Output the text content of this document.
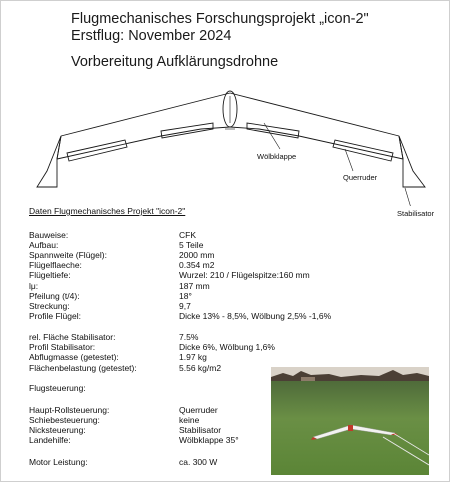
Flugmechanisches Forschungsprojekt „icon-2"
Erstflug: November 2024
Vorbereitung Aufklärungsdrohne
Wölbklappe
Querruder
Stabilisator
Daten Flugmechanisches Projekt "icon-2"
Bauweise:	CFK
Aufbau:	5 Teile
Spannweite (Flügel):	2000 mm
Flügelflaeche:	0.354 m2
Flügeltiefe:	Wurzel: 210 / Flügelspitze:160 mm
lμ:	187 mm
Pfeilung (t/4):	18°
Streckung:	9,7
Profile Flügel:	Dicke 13% - 8,5%, Wölbung 2,5% -1,6%
rel. Fläche Stabilisator:	7.5%
Profil Stabilisator:	Dicke 6%, Wölbung 1,6%
Abflugmasse (getestet):	1.97 kg
Flächenbelastung (getestet):	5.56 kg/m2
Flugsteuerung:
Haupt-Rollsteuerung:	Querruder
Schiebesteuerung:	keine
Nicksteuerung:	Stabilisator
Landehilfe:	Wölbklappe 35°
Motor Leistung:	ca. 300 W
